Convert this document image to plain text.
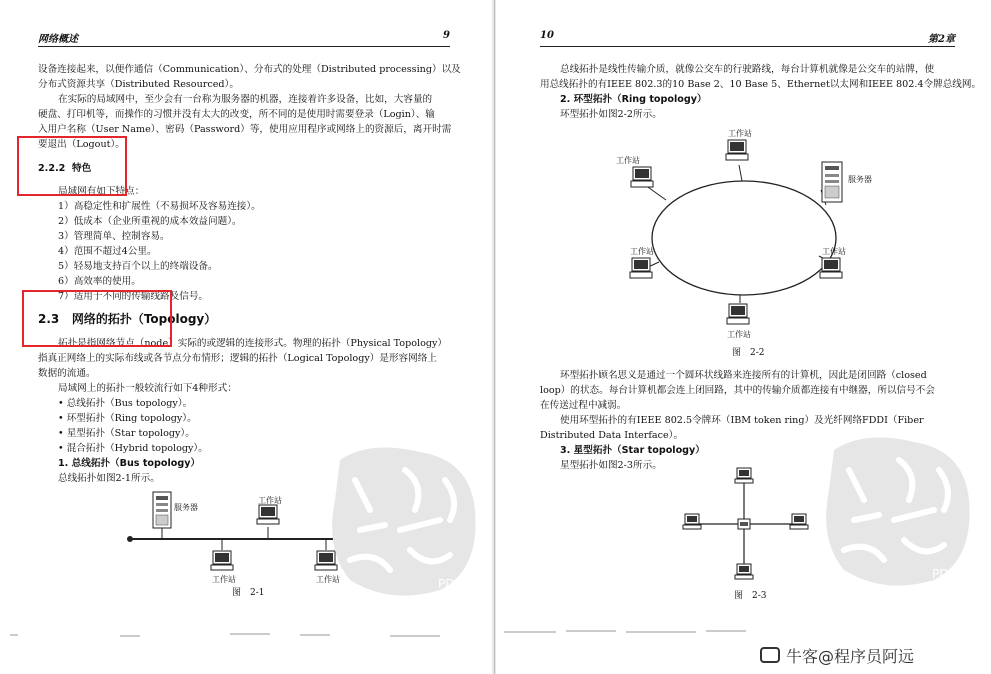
网络概述	9
设备连接起来，以便作通信（Communication）、分布式的处理（Distributed processing）以及
分布式资源共享（Distributed Resourced）。
在实际的局域网中，至少会有一台称为服务器的机器，连接着许多设备，比如，大容量的
硬盘、打印机等，而操作的习惯并没有太大的改变，所不同的是使用时需要登录（Login）、输
入用户名称（User Name）、密码（Password）等，使用应用程序或网络上的资源后，离开时需
要退出（Logout）。
2.2.2 特色
局域网有如下特点：
1）高稳定性和扩展性（不易损坏及容易连接）。
2）低成本（企业所重视的成本效益问题）。
3）管理简单、控制容易。
4）范围不超过4公里。
5）轻易地支持百个以上的终端设备。
6）高效率的使用。
7）适用于不同的传输线路及信号。
2.3 网络的拓扑（Topology）
拓扑是指网络节点（node）实际的或逻辑的连接形式。物理的拓扑（Physical Topology）
指真正网络上的实际布线或各节点分布情形；逻辑的拓扑（Logical Topology）是形容网络上
数据的流通。
局域网上的拓扑一般较流行如下4种形式：
• 总线拓扑（Bus topology）。
• 环型拓扑（Ring topology）。
• 星型拓扑（Star topology）。
• 混合拓扑（Hybrid topology）。
1. 总线拓扑（Bus topology）
总线拓扑如图2-1所示。
服务器
工作站
工作站	工作站
图　2-1
PDG
10	第2章
总线拓扑是线性传输介质，就像公交车的行驶路线，每台计算机就像是公交车的站牌，使
用总线拓扑的有IEEE 802.3的10 Base 2、10 Base 5、Ethernet以太网和IEEE 802.4令牌总线网。
2. 环型拓扑（Ring topology）
环型拓扑如图2-2所示。
工作站
工作站
服务器
工作站	工作站
工作站
图　2-2
环型拓扑顾名思义是通过一个圆环状线路来连接所有的计算机，因此是闭回路（closed
loop）的状态。每台计算机都会连上闭回路，其中的传输介质都连接有中继器，所以信号不会
在传送过程中减弱。
使用环型拓扑的有IEEE 802.5令牌环（IBM token ring）及光纤网络FDDI（Fiber
Distributed Data Interface）。
3. 星型拓扑（Star topology）
星型拓扑如图2-3所示。
图　2-3
PDG
牛客@程序员阿远
